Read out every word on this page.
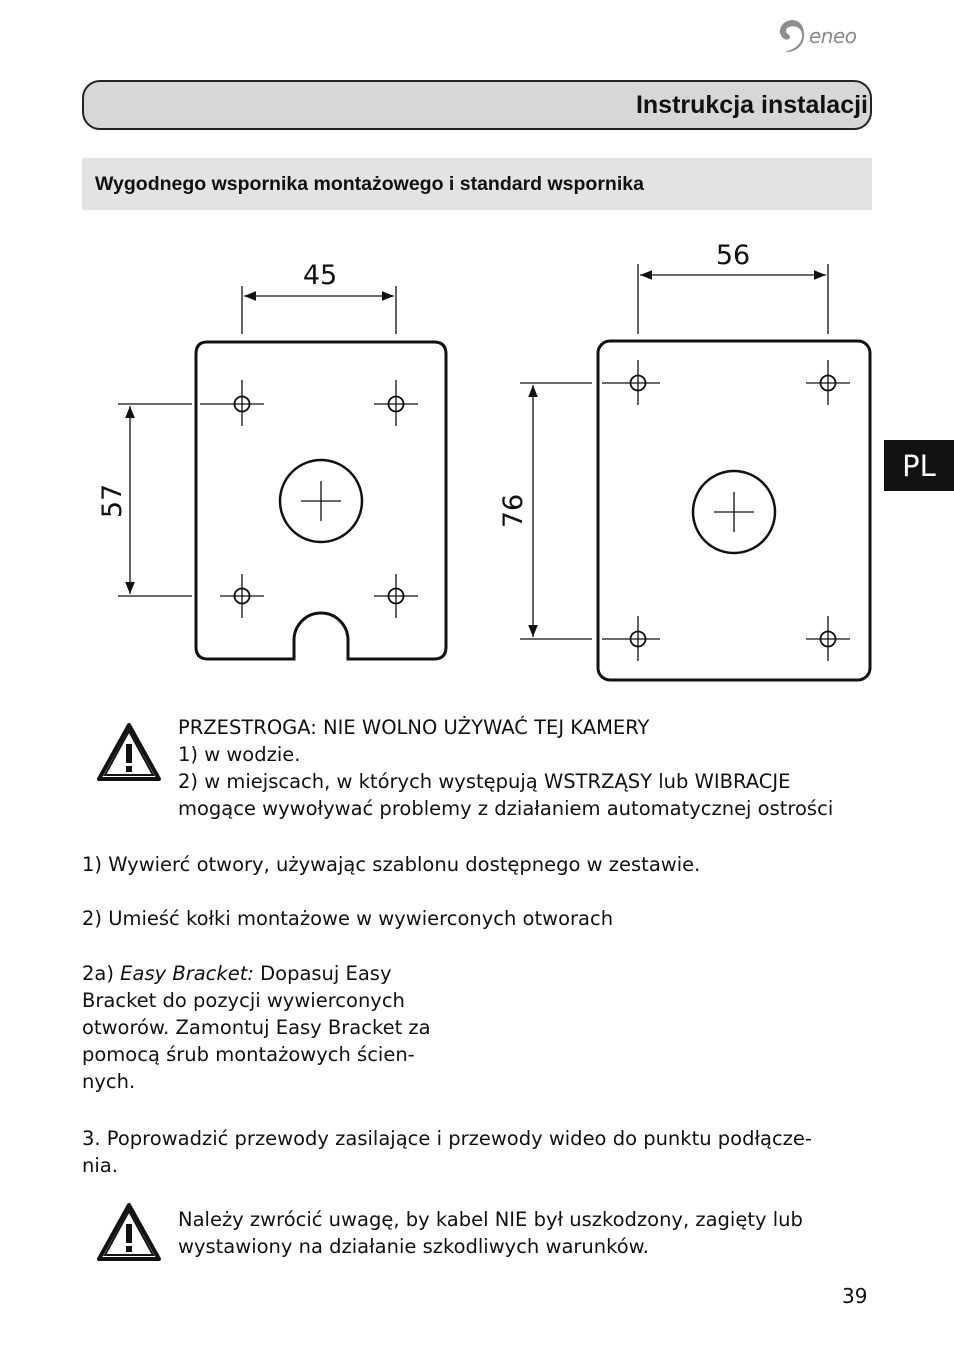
eneo
Instrukcja instalacji
Wygodnego wspornika montażowego i standard wspornika
PL
45
56
57	76
PRZESTROGA: NIE WOLNO UŻYWAĆ TEJ KAMERY
1) w wodzie.
2) w miejscach, w których występują WSTRZĄSY lub WIBRACJE
mogące wywoływać problemy z działaniem automatycznej ostrości
1) Wywierć otwory, używając szablonu dostępnego w zestawie.
2) Umieść kołki montażowe w wywierconych otworach
2a) Easy Bracket: Dopasuj Easy
Bracket do pozycji wywierconych
otworów. Zamontuj Easy Bracket za
pomocą śrub montażowych ścien-
nych.
3. Poprowadzić przewody zasilające i przewody wideo do punktu podłącze-
nia.
Należy zwrócić uwagę, by kabel NIE był uszkodzony, zagięty lub
wystawiony na działanie szkodliwych warunków.
39
